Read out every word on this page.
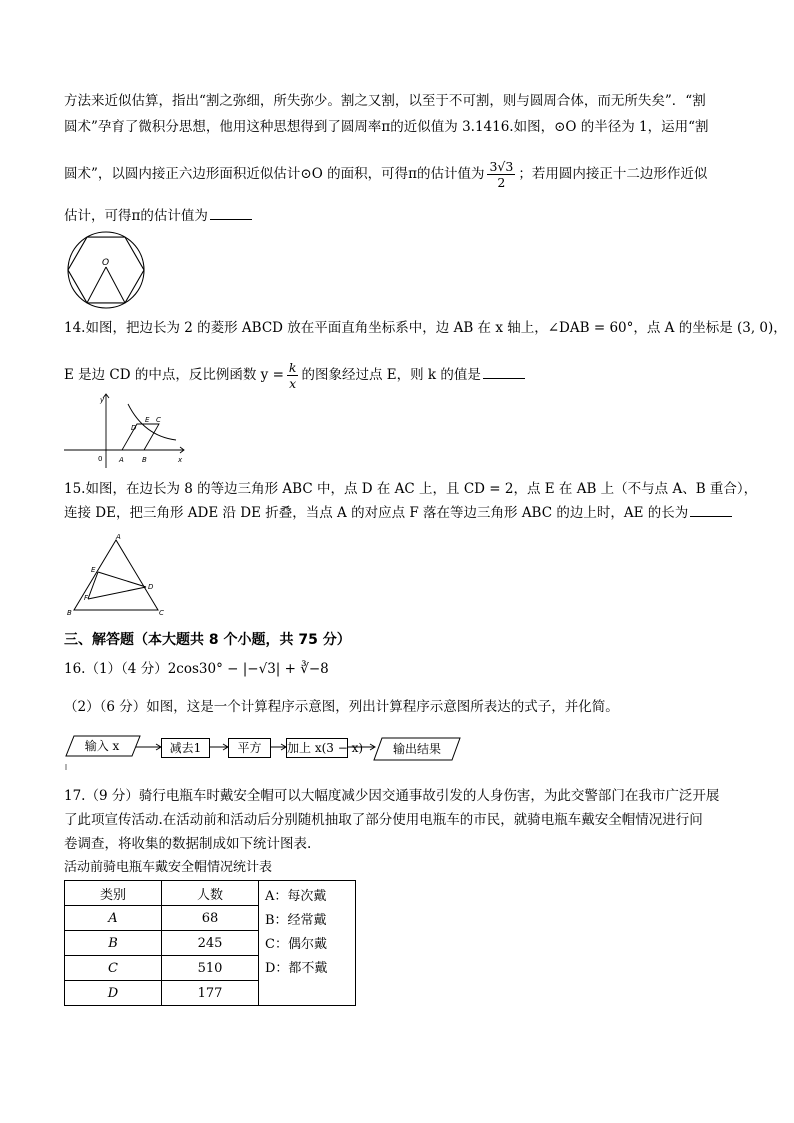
方法来近似估算，指出“割之弥细，所失弥少。割之又割，以至于不可割，则与圆周合体，而无所失矣”．“割
圆术”孕育了微积分思想，他用这种思想得到了圆周率π的近似值为 3.1416.如图，⊙O 的半径为 1，运用“割
圆术”，以圆内接正六边形面积近似估计⊙O 的面积，可得π的估计值为 $\frac{3√3}{2}$ ；若用圆内接正十二边形作近似
估计，可得π的估计值为
O
14.如图，把边长为 2 的菱形 ABCD 放在平面直角坐标系中，边 AB 在 x 轴上，∠DAB = 60°，点 A 的坐标是 (3, 0)，
E 是边 CD 的中点，反比例函数 $y = \frac{k}{x}$ 的图象经过点 E，则 k 的值是
y
x
0 A	B
C
D
E
15.如图，在边长为 8 的等边三角形 ABC 中，点 D 在 AC 上，且 CD = 2，点 E 在 AB 上（不与点 A、B 重合），
连接 DE，把三角形 ADE 沿 DE 折叠，当点 A 的对应点 F 落在等边三角形 ABC 的边上时，AE 的长为
A
B	C
D
E
F
三、解答题（本大题共 8 个小题，共 75 分）
16.（1）（4 分）2cos30° − |−√3| + ∛−8
（2）（6 分）如图，这是一个计算程序示意图，列出计算程序示意图所表达的式子，并化简。
输入 x	减去1	平方	加上 x(3 − x)	输出结果
17.（9 分）骑行电瓶车时戴安全帽可以大幅度减少因交通事故引发的人身伤害，为此交警部门在我市广泛开展
了此项宣传活动.在活动前和活动后分别随机抽取了部分使用电瓶车的市民，就骑电瓶车戴安全帽情况进行问
卷调查，将收集的数据制成如下统计图表.
活动前骑电瓶车戴安全帽情况统计表
类别	人数	A：每次戴
B：经常戴
C：偶尔戴
D：都不戴

A	68	
B	245	
C	510	
D	177	
